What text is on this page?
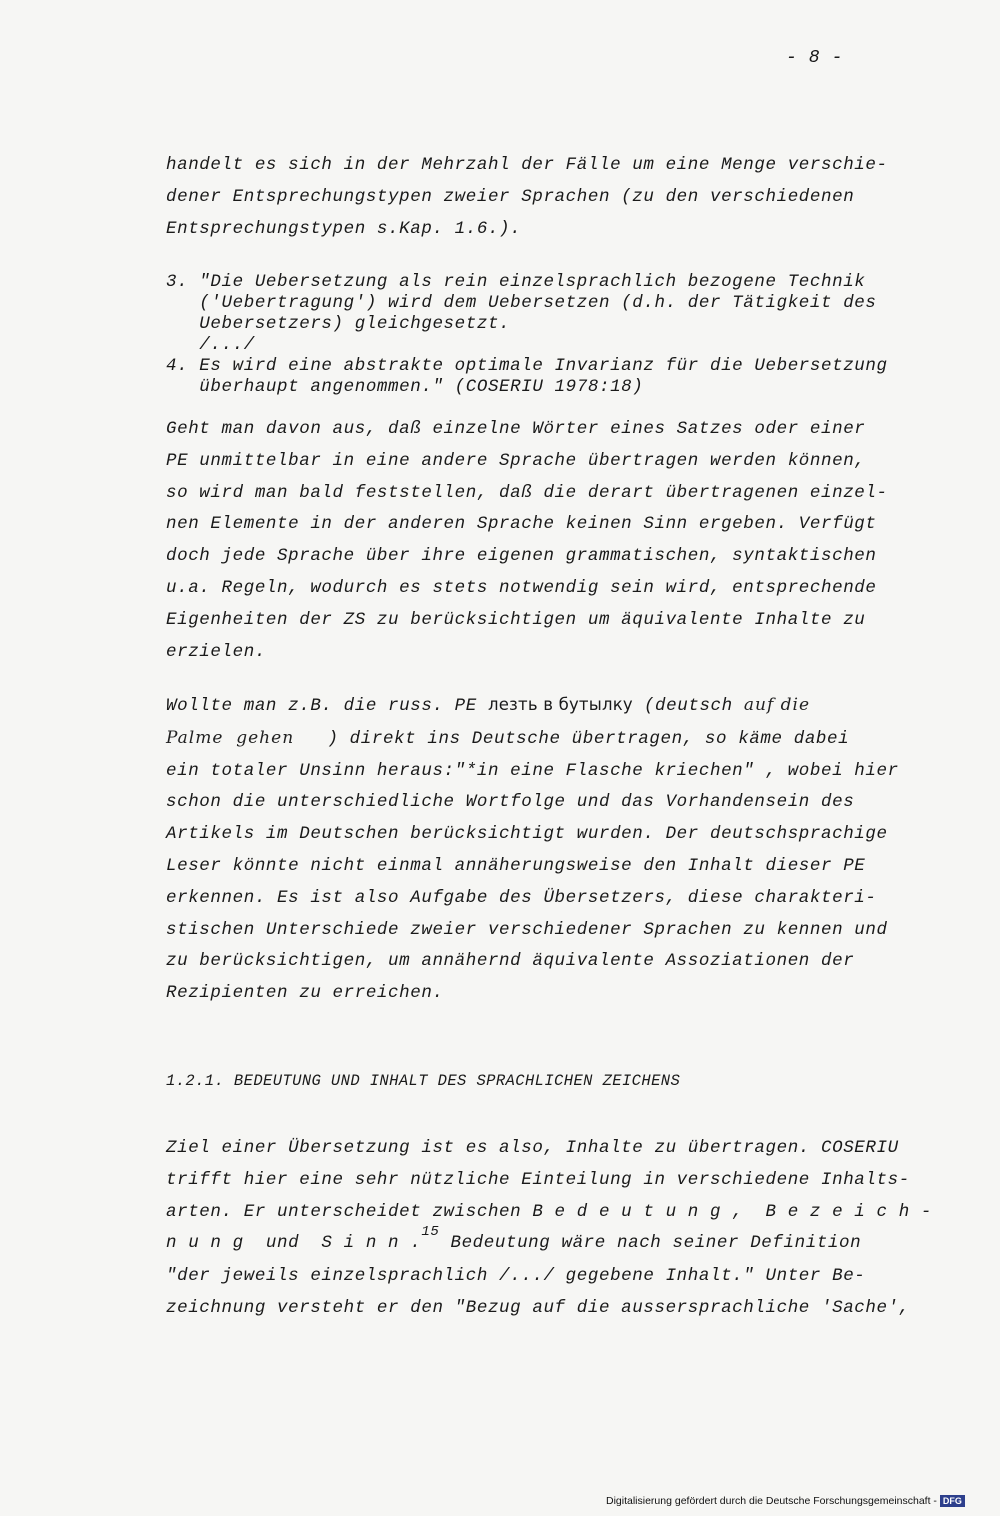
- 8 -

handelt es sich in der Mehrzahl der Fälle um eine Menge verschie-
dener Entsprechungstypen zweier Sprachen (zu den verschiedenen
Entsprechungstypen s.Kap. 1.6.).

3. "Die Uebersetzung als rein einzelsprachlich bezogene Technik
('Uebertragung') wird dem Uebersetzen (d.h. der Tätigkeit des
Uebersetzers) gleichgesetzt.
/.../
4. Es wird eine abstrakte optimale Invarianz für die Uebersetzung
überhaupt angenommen." (COSERIU 1978:18)

Geht man davon aus, daß einzelne Wörter eines Satzes oder einer
PE unmittelbar in eine andere Sprache übertragen werden können,
so wird man bald feststellen, daß die derart übertragenen einzel-
nen Elemente in der anderen Sprache keinen Sinn ergeben. Verfügt
doch jede Sprache über ihre eigenen grammatischen, syntaktischen
u.a. Regeln, wodurch es stets notwendig sein wird, entsprechende
Eigenheiten der ZS zu berücksichtigen um äquivalente Inhalte zu
erzielen.

Wollte man z.B. die russ. PE лезть в бутылку (deutsch auf die
Palme  gehen   ) direkt ins Deutsche übertragen, so käme dabei
ein totaler Unsinn heraus:"*in eine Flasche kriechen" , wobei hier
schon die unterschiedliche Wortfolge und das Vorhandensein des
Artikels im Deutschen berücksichtigt wurden. Der deutschsprachige
Leser könnte nicht einmal annäherungsweise den Inhalt dieser PE
erkennen. Es ist also Aufgabe des Übersetzers, diese charakteri-
stischen Unterschiede zweier verschiedener Sprachen zu kennen und
zu berücksichtigen, um annähernd äquivalente Assoziationen der
Rezipienten zu erreichen.

1.2.1. BEDEUTUNG UND INHALT DES SPRACHLICHEN ZEICHENS

Ziel einer Übersetzung ist es also, Inhalte zu übertragen. COSERIU
trifft hier eine sehr nützliche Einteilung in verschiedene Inhalts-
arten. Er unterscheidet zwischen B e d e u t u n g ,  B e z e i c h -
n u n g  und  S i n n .$^{15}$ Bedeutung wäre nach seiner Definition
"der jeweils einzelsprachlich /.../ gegebene Inhalt." Unter Be-
zeichnung versteht er den "Bezug auf die aussersprachliche 'Sache',

Digitalisierung gefördert durch die Deutsche Forschungsgemeinschaft - DFG
